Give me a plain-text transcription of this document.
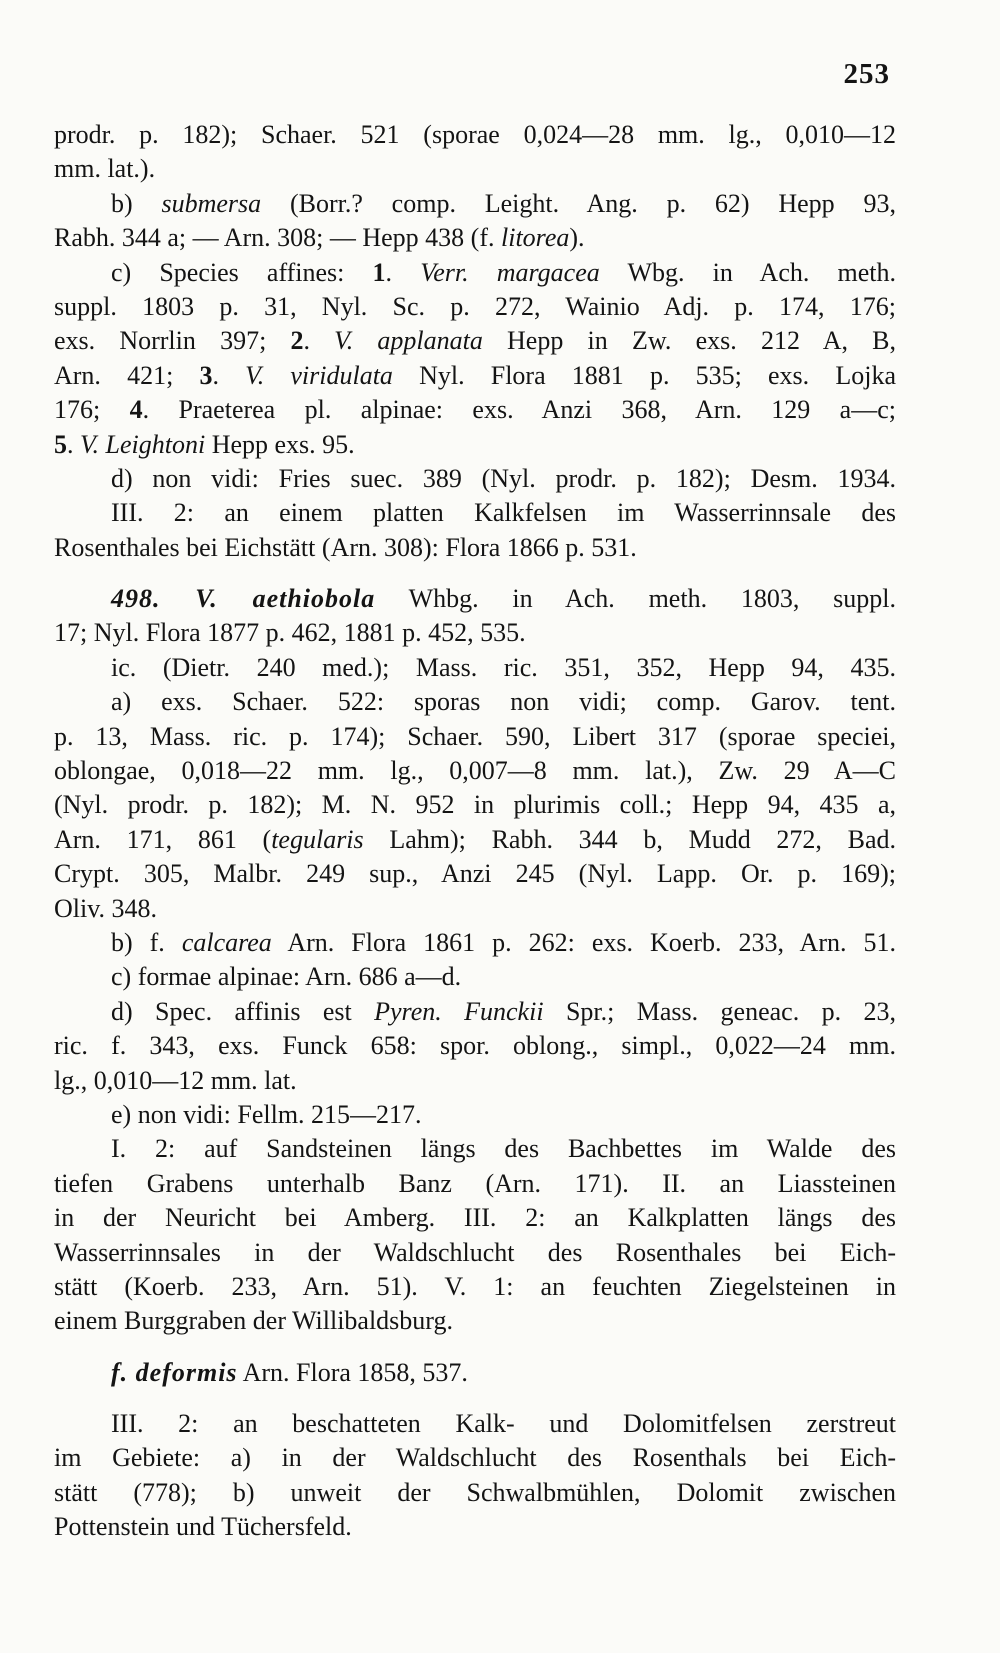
253
prodr. p. 182); Schaer. 521 (sporae 0,024—28 mm. lg., 0,010—12
mm. lat.).
b) submersa (Borr.? comp. Leight. Ang. p. 62) Hepp 93,
Rabh. 344 a; — Arn. 308; — Hepp 438 (f. litorea).
c) Species affines: 1. Verr. margacea Wbg. in Ach. meth.
suppl. 1803 p. 31, Nyl. Sc. p. 272, Wainio Adj. p. 174, 176;
exs. Norrlin 397; 2. V. applanata Hepp in Zw. exs. 212 A, B,
Arn. 421; 3. V. viridulata Nyl. Flora 1881 p. 535; exs. Lojka
176; 4. Praeterea pl. alpinae: exs. Anzi 368, Arn. 129 a—c;
5. V. Leightoni Hepp exs. 95.
d) non vidi: Fries suec. 389 (Nyl. prodr. p. 182); Desm. 1934.
III. 2: an einem platten Kalkfelsen im Wasserrinnsale des
Rosenthales bei Eichstätt (Arn. 308): Flora 1866 p. 531.
498. V. aethiobola Whbg. in Ach. meth. 1803, suppl.
17; Nyl. Flora 1877 p. 462, 1881 p. 452, 535.
ic. (Dietr. 240 med.); Mass. ric. 351, 352, Hepp 94, 435.
a) exs. Schaer. 522: sporas non vidi; comp. Garov. tent.
p. 13, Mass. ric. p. 174); Schaer. 590, Libert 317 (sporae speciei,
oblongae, 0,018—22 mm. lg., 0,007—8 mm. lat.), Zw. 29 A—C
(Nyl. prodr. p. 182); M. N. 952 in plurimis coll.; Hepp 94, 435 a,
Arn. 171, 861 (tegularis Lahm); Rabh. 344 b, Mudd 272, Bad.
Crypt. 305, Malbr. 249 sup., Anzi 245 (Nyl. Lapp. Or. p. 169);
Oliv. 348.
b) f. calcarea Arn. Flora 1861 p. 262: exs. Koerb. 233, Arn. 51.
c) formae alpinae: Arn. 686 a—d.
d) Spec. affinis est Pyren. Funckii Spr.; Mass. geneac. p. 23,
ric. f. 343, exs. Funck 658: spor. oblong., simpl., 0,022—24 mm.
lg., 0,010—12 mm. lat.
e) non vidi: Fellm. 215—217.
I. 2: auf Sandsteinen längs des Bachbettes im Walde des
tiefen Grabens unterhalb Banz (Arn. 171). II. an Liassteinen
in der Neuricht bei Amberg. III. 2: an Kalkplatten längs des
Wasserrinnsales in der Waldschlucht des Rosenthales bei Eich-
stätt (Koerb. 233, Arn. 51). V. 1: an feuchten Ziegelsteinen in
einem Burggraben der Willibaldsburg.
f. deformis Arn. Flora 1858, 537.
III. 2: an beschatteten Kalk- und Dolomitfelsen zerstreut
im Gebiete: a) in der Waldschlucht des Rosenthals bei Eich-
stätt (778); b) unweit der Schwalbmühlen, Dolomit zwischen
Pottenstein und Tüchersfeld.
